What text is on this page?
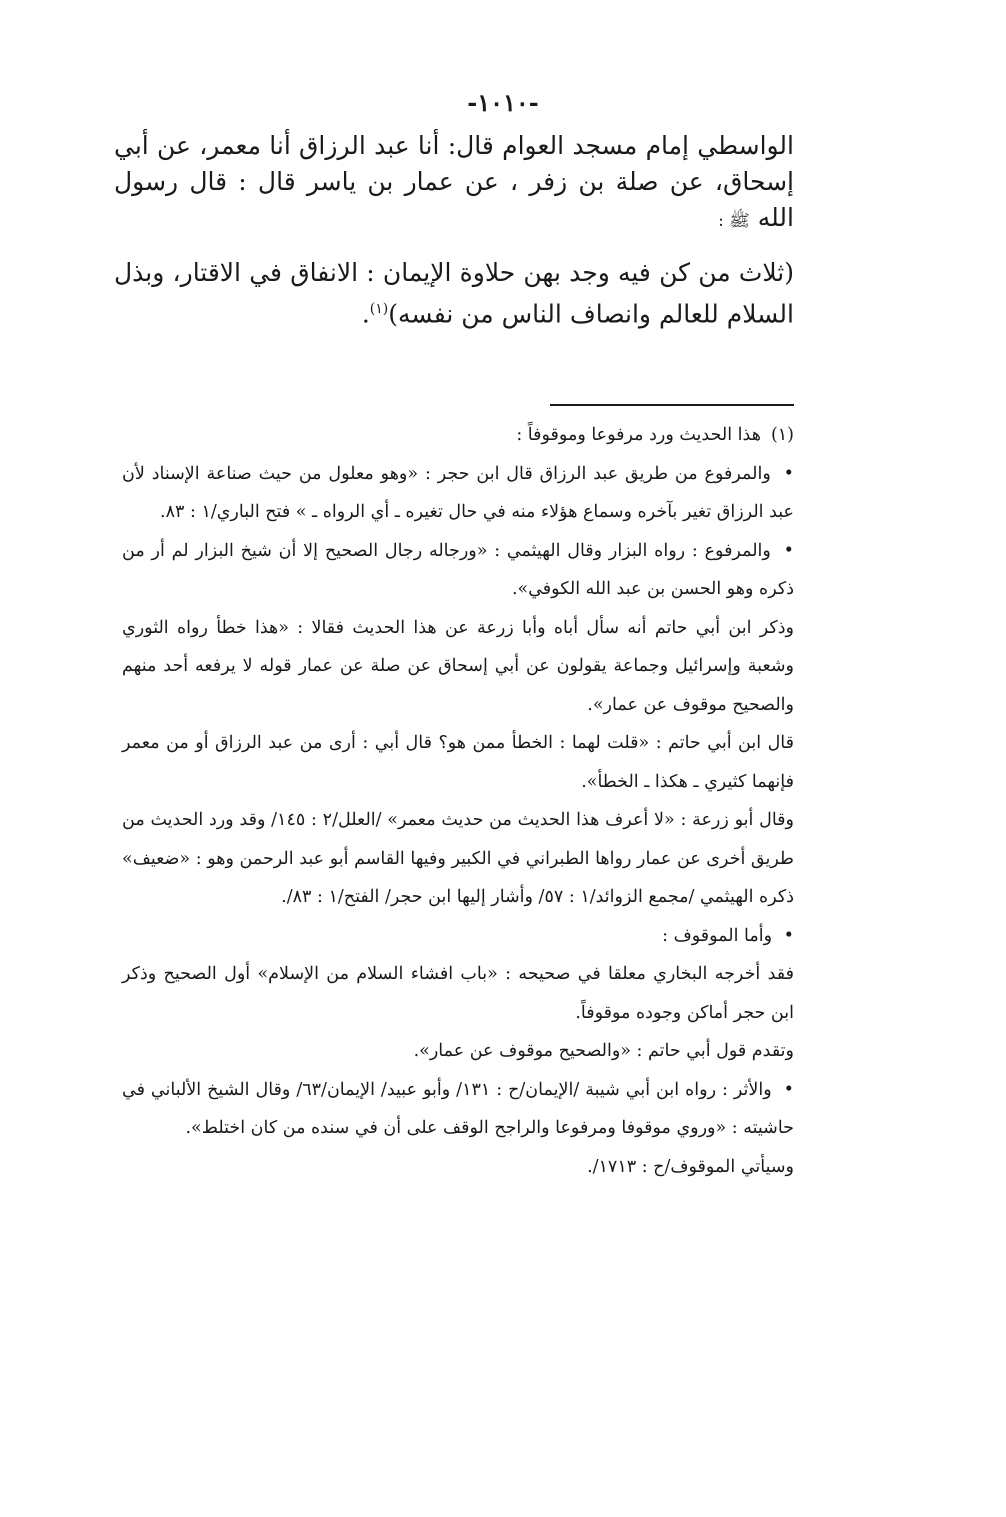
-١٠١٠-

الواسطي إمام مسجد العوام قال: أنا عبد الرزاق أنا معمر، عن أبي إسحاق، عن صلة بن زفر ، عن عمار بن ياسر قال : قال رسول الله ﷺ :

(ثلاث من كن فيه وجد بهن حلاوة الإيمان : الانفاق في الاقتار، وبذل السلام للعالم وانصاف الناس من نفسه)$^{(١)}$.

(١)
هذا الحديث ورد مرفوعا وموقوفاً :

• والمرفوع من طريق عبد الرزاق قال ابن حجر : «وهو معلول من حيث صناعة الإسناد لأن عبد الرزاق تغير بآخره وسماع هؤلاء منه في حال تغيره ـ أي الرواه ـ » فتح الباري/١ : ٨٣.

• والمرفوع : رواه البزار وقال الهيثمي : «ورجاله رجال الصحيح إلا أن شيخ البزار لم أر من ذكره وهو الحسن بن عبد الله الكوفي».

وذكر ابن أبي حاتم أنه سأل أباه وأبا زرعة عن هذا الحديث فقالا : «هذا خطأ رواه الثوري وشعبة وإسرائيل وجماعة يقولون عن أبي إسحاق عن صلة عن عمار قوله لا يرفعه أحد منهم والصحيح موقوف عن عمار».

قال ابن أبي حاتم : «قلت لهما : الخطأ ممن هو؟ قال أبي : أرى من عبد الرزاق أو من معمر فإنهما كثيري ـ هكذا ـ الخطأ».

وقال أبو زرعة : «لا أعرف هذا الحديث من حديث معمر» /العلل/٢ : ١٤٥/ وقد ورد الحديث من طريق أخرى عن عمار رواها الطبراني في الكبير وفيها القاسم أبو عبد الرحمن وهو : «ضعيف» ذكره الهيثمي /مجمع الزوائد/١ : ٥٧/ وأشار إليها ابن حجر/ الفتح/١ : ٨٣/.

• وأما الموقوف :

فقد أخرجه البخاري معلقا في صحيحه : «باب افشاء السلام من الإسلام» أول الصحيح وذكر ابن حجر أماكن وجوده موقوفاً.

وتقدم قول أبي حاتم : «والصحيح موقوف عن عمار».

• والأثر : رواه ابن أبي شيبة /الإيمان/ح : ١٣١/ وأبو عبيد/ الإيمان/٦٣/ وقال الشيخ الألباني في حاشيته : «وروي موقوفا ومرفوعا والراجح الوقف على أن في سنده من كان اختلط».

وسيأتي الموقوف/ح : ١٧١٣/.
